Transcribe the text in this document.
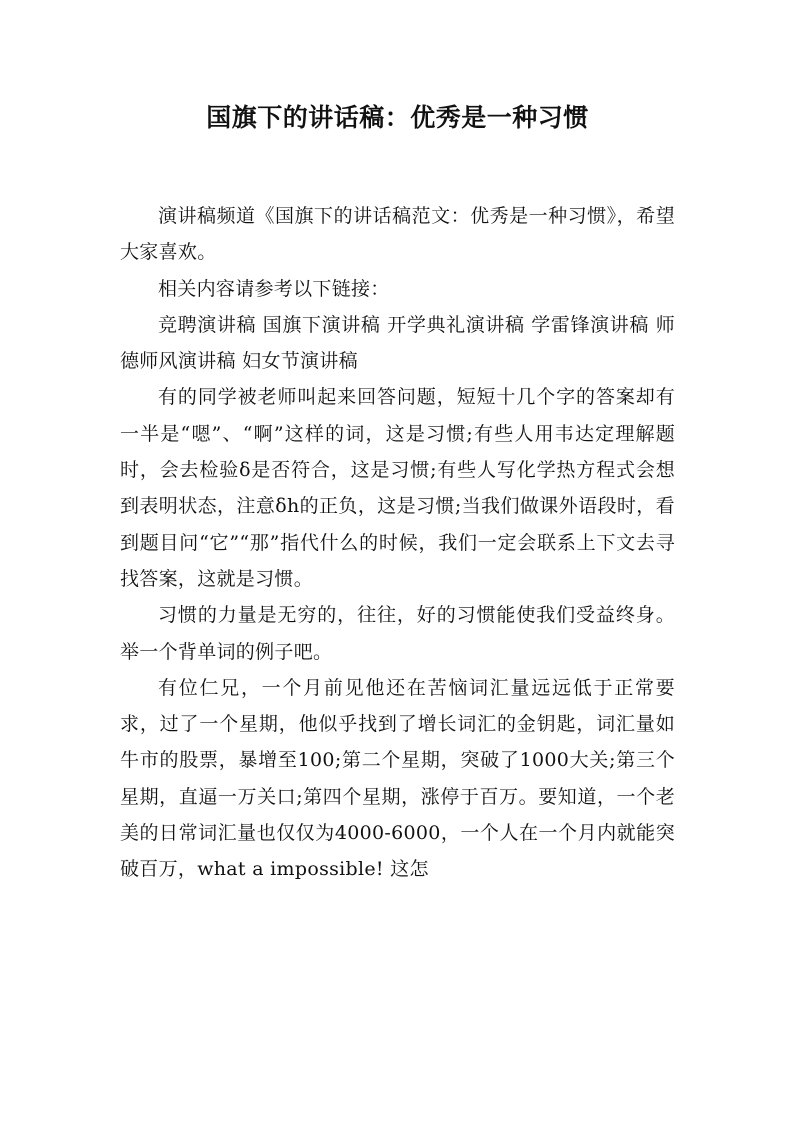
国旗下的讲话稿：优秀是一种习惯

演讲稿频道《国旗下的讲话稿范文：优秀是一种习惯》，希望大家喜欢。

相关内容请参考以下链接：

竞聘演讲稿 国旗下演讲稿 开学典礼演讲稿 学雷锋演讲稿 师德师风演讲稿 妇女节演讲稿

有的同学被老师叫起来回答问题，短短十几个字的答案却有一半是“嗯”、“啊”这样的词，这是习惯;有些人用韦达定理解题时，会去检验δ是否符合，这是习惯;有些人写化学热方程式会想到表明状态，注意δh的正负，这是习惯;当我们做课外语段时，看到题目问“它”“那”指代什么的时候，我们一定会联系上下文去寻找答案，这就是习惯。

习惯的力量是无穷的，往往，好的习惯能使我们受益终身。举一个背单词的例子吧。

有位仁兄，一个月前见他还在苦恼词汇量远远低于正常要求，过了一个星期，他似乎找到了增长词汇的金钥匙，词汇量如牛市的股票，暴增至100;第二个星期，突破了1000大关;第三个星期，直逼一万关口;第四个星期，涨停于百万。要知道，一个老美的日常词汇量也仅仅为4000-6000，一个人在一个月内就能突破百万，what a impossible! 这怎
